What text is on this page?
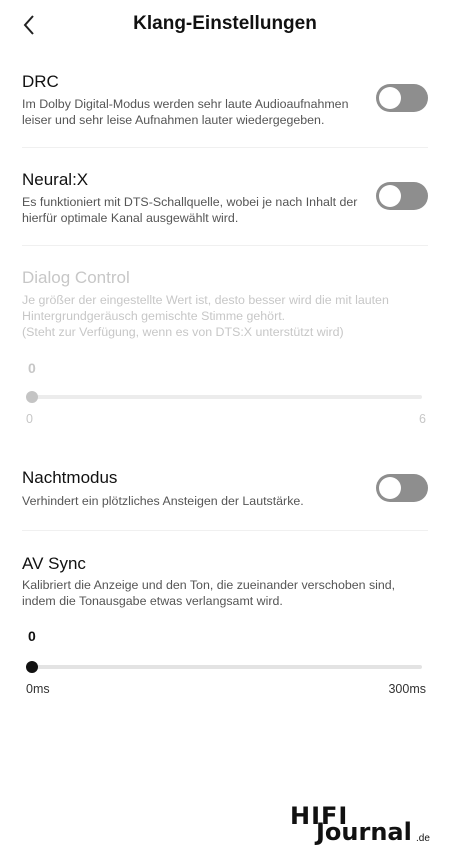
Klang-Einstellungen
DRC
Im Dolby Digital-Modus werden sehr laute Audioaufnahmen leiser und sehr leise Aufnahmen lauter wiedergegeben.
Neural:X
Es funktioniert mit DTS-Schallquelle, wobei je nach Inhalt der hierfür optimale Kanal ausgewählt wird.
Dialog Control
Je größer der eingestellte Wert ist, desto besser wird die mit lauten Hintergrundgeräusch gemischte Stimme gehört.
(Steht zur Verfügung, wenn es von DTS:X unterstützt wird)
0
0	6
Nachtmodus
Verhindert ein plötzliches Ansteigen der Lautstärke.
AV Sync
Kalibriert die Anzeige und den Ton, die zueinander verschoben sind, indem die Tonausgabe etwas verlangsamt wird.
0
0ms	300ms
HIFI
Journal .de
